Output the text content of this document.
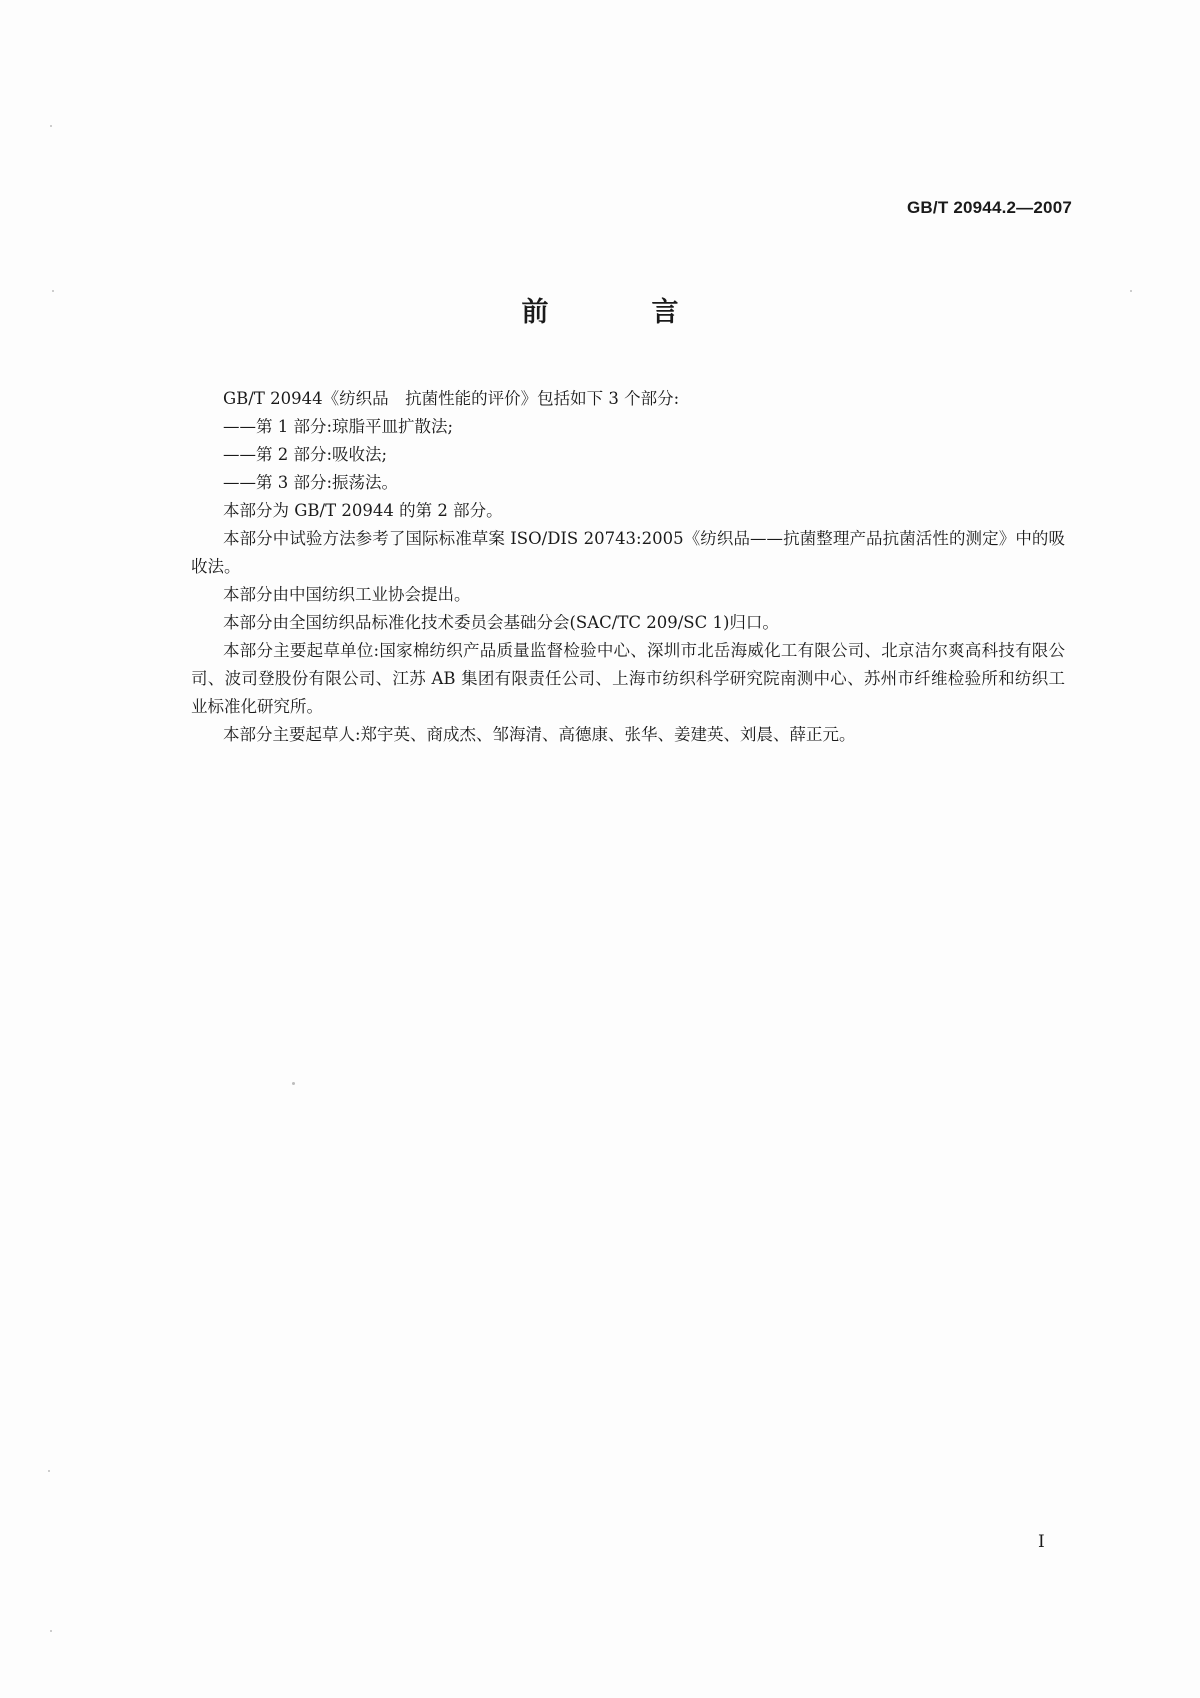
GB/T 20944.2—2007
前　言

GB/T 20944《纺织品　抗菌性能的评价》包括如下 3 个部分:

——第 1 部分:琼脂平皿扩散法;

——第 2 部分:吸收法;

——第 3 部分:振荡法。

本部分为 GB/T 20944 的第 2 部分。

本部分中试验方法参考了国际标准草案 ISO/DIS 20743:2005《纺织品——抗菌整理产品抗菌活性的测定》中的吸收法。

本部分由中国纺织工业协会提出。

本部分由全国纺织品标准化技术委员会基础分会(SAC/TC 209/SC 1)归口。

本部分主要起草单位:国家棉纺织产品质量监督检验中心、深圳市北岳海威化工有限公司、北京洁尔爽高科技有限公司、波司登股份有限公司、江苏 AB 集团有限责任公司、上海市纺织科学研究院南测中心、苏州市纤维检验所和纺织工业标准化研究所。

本部分主要起草人:郑宇英、商成杰、邹海清、高德康、张华、姜建英、刘晨、薛正元。

I
